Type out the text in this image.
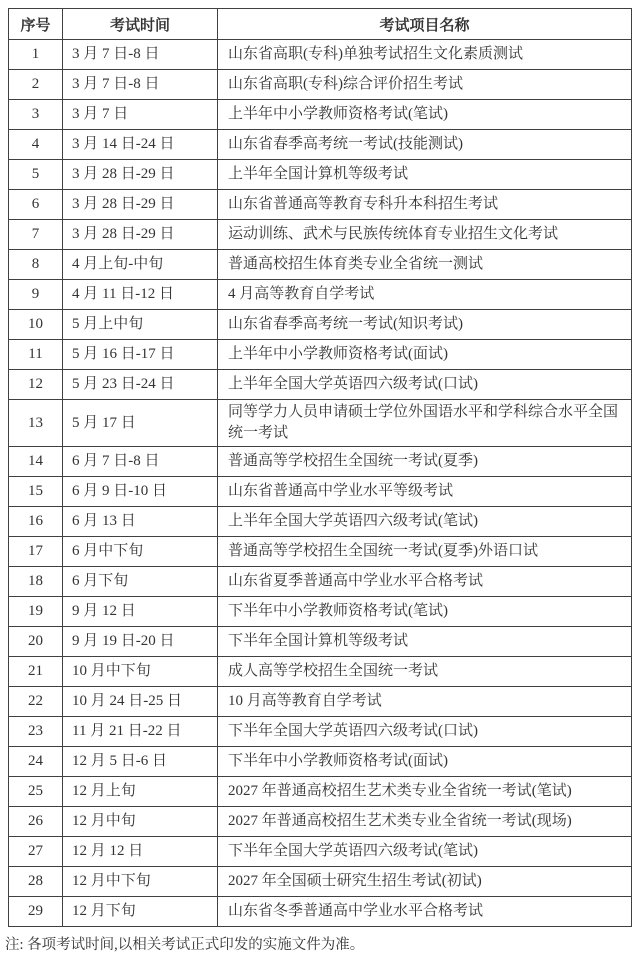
序号	考试时间	考试项目名称
1	3 月 7 日-8 日	山东省高职(专科)单独考试招生文化素质测试
2	3 月 7 日-8 日	山东省高职(专科)综合评价招生考试
3	3 月 7 日	上半年中小学教师资格考试(笔试)
4	3 月 14 日-24 日	山东省春季高考统一考试(技能测试)
5	3 月 28 日-29 日	上半年全国计算机等级考试
6	3 月 28 日-29 日	山东省普通高等教育专科升本科招生考试
7	3 月 28 日-29 日	运动训练、武术与民族传统体育专业招生文化考试
8	4 月上旬-中旬	普通高校招生体育类专业全省统一测试
9	4 月 11 日-12 日	4 月高等教育自学考试
10	5 月上中旬	山东省春季高考统一考试(知识考试)
11	5 月 16 日-17 日	上半年中小学教师资格考试(面试)
12	5 月 23 日-24 日	上半年全国大学英语四六级考试(口试)
13	5 月 17 日	同等学力人员申请硕士学位外国语水平和学科综合水平全国统一考试
14	6 月 7 日-8 日	普通高等学校招生全国统一考试(夏季)
15	6 月 9 日-10 日	山东省普通高中学业水平等级考试
16	6 月 13 日	上半年全国大学英语四六级考试(笔试)
17	6 月中下旬	普通高等学校招生全国统一考试(夏季)外语口试
18	6 月下旬	山东省夏季普通高中学业水平合格考试
19	9 月 12 日	下半年中小学教师资格考试(笔试)
20	9 月 19 日-20 日	下半年全国计算机等级考试
21	10 月中下旬	成人高等学校招生全国统一考试
22	10 月 24 日-25 日	10 月高等教育自学考试
23	11 月 21 日-22 日	下半年全国大学英语四六级考试(口试)
24	12 月 5 日-6 日	下半年中小学教师资格考试(面试)
25	12 月上旬	2027 年普通高校招生艺术类专业全省统一考试(笔试)
26	12 月中旬	2027 年普通高校招生艺术类专业全省统一考试(现场)
27	12 月 12 日	下半年全国大学英语四六级考试(笔试)
28	12 月中下旬	2027 年全国硕士研究生招生考试(初试)
29	12 月下旬	山东省冬季普通高中学业水平合格考试
注: 各项考试时间,以相关考试正式印发的实施文件为准。
